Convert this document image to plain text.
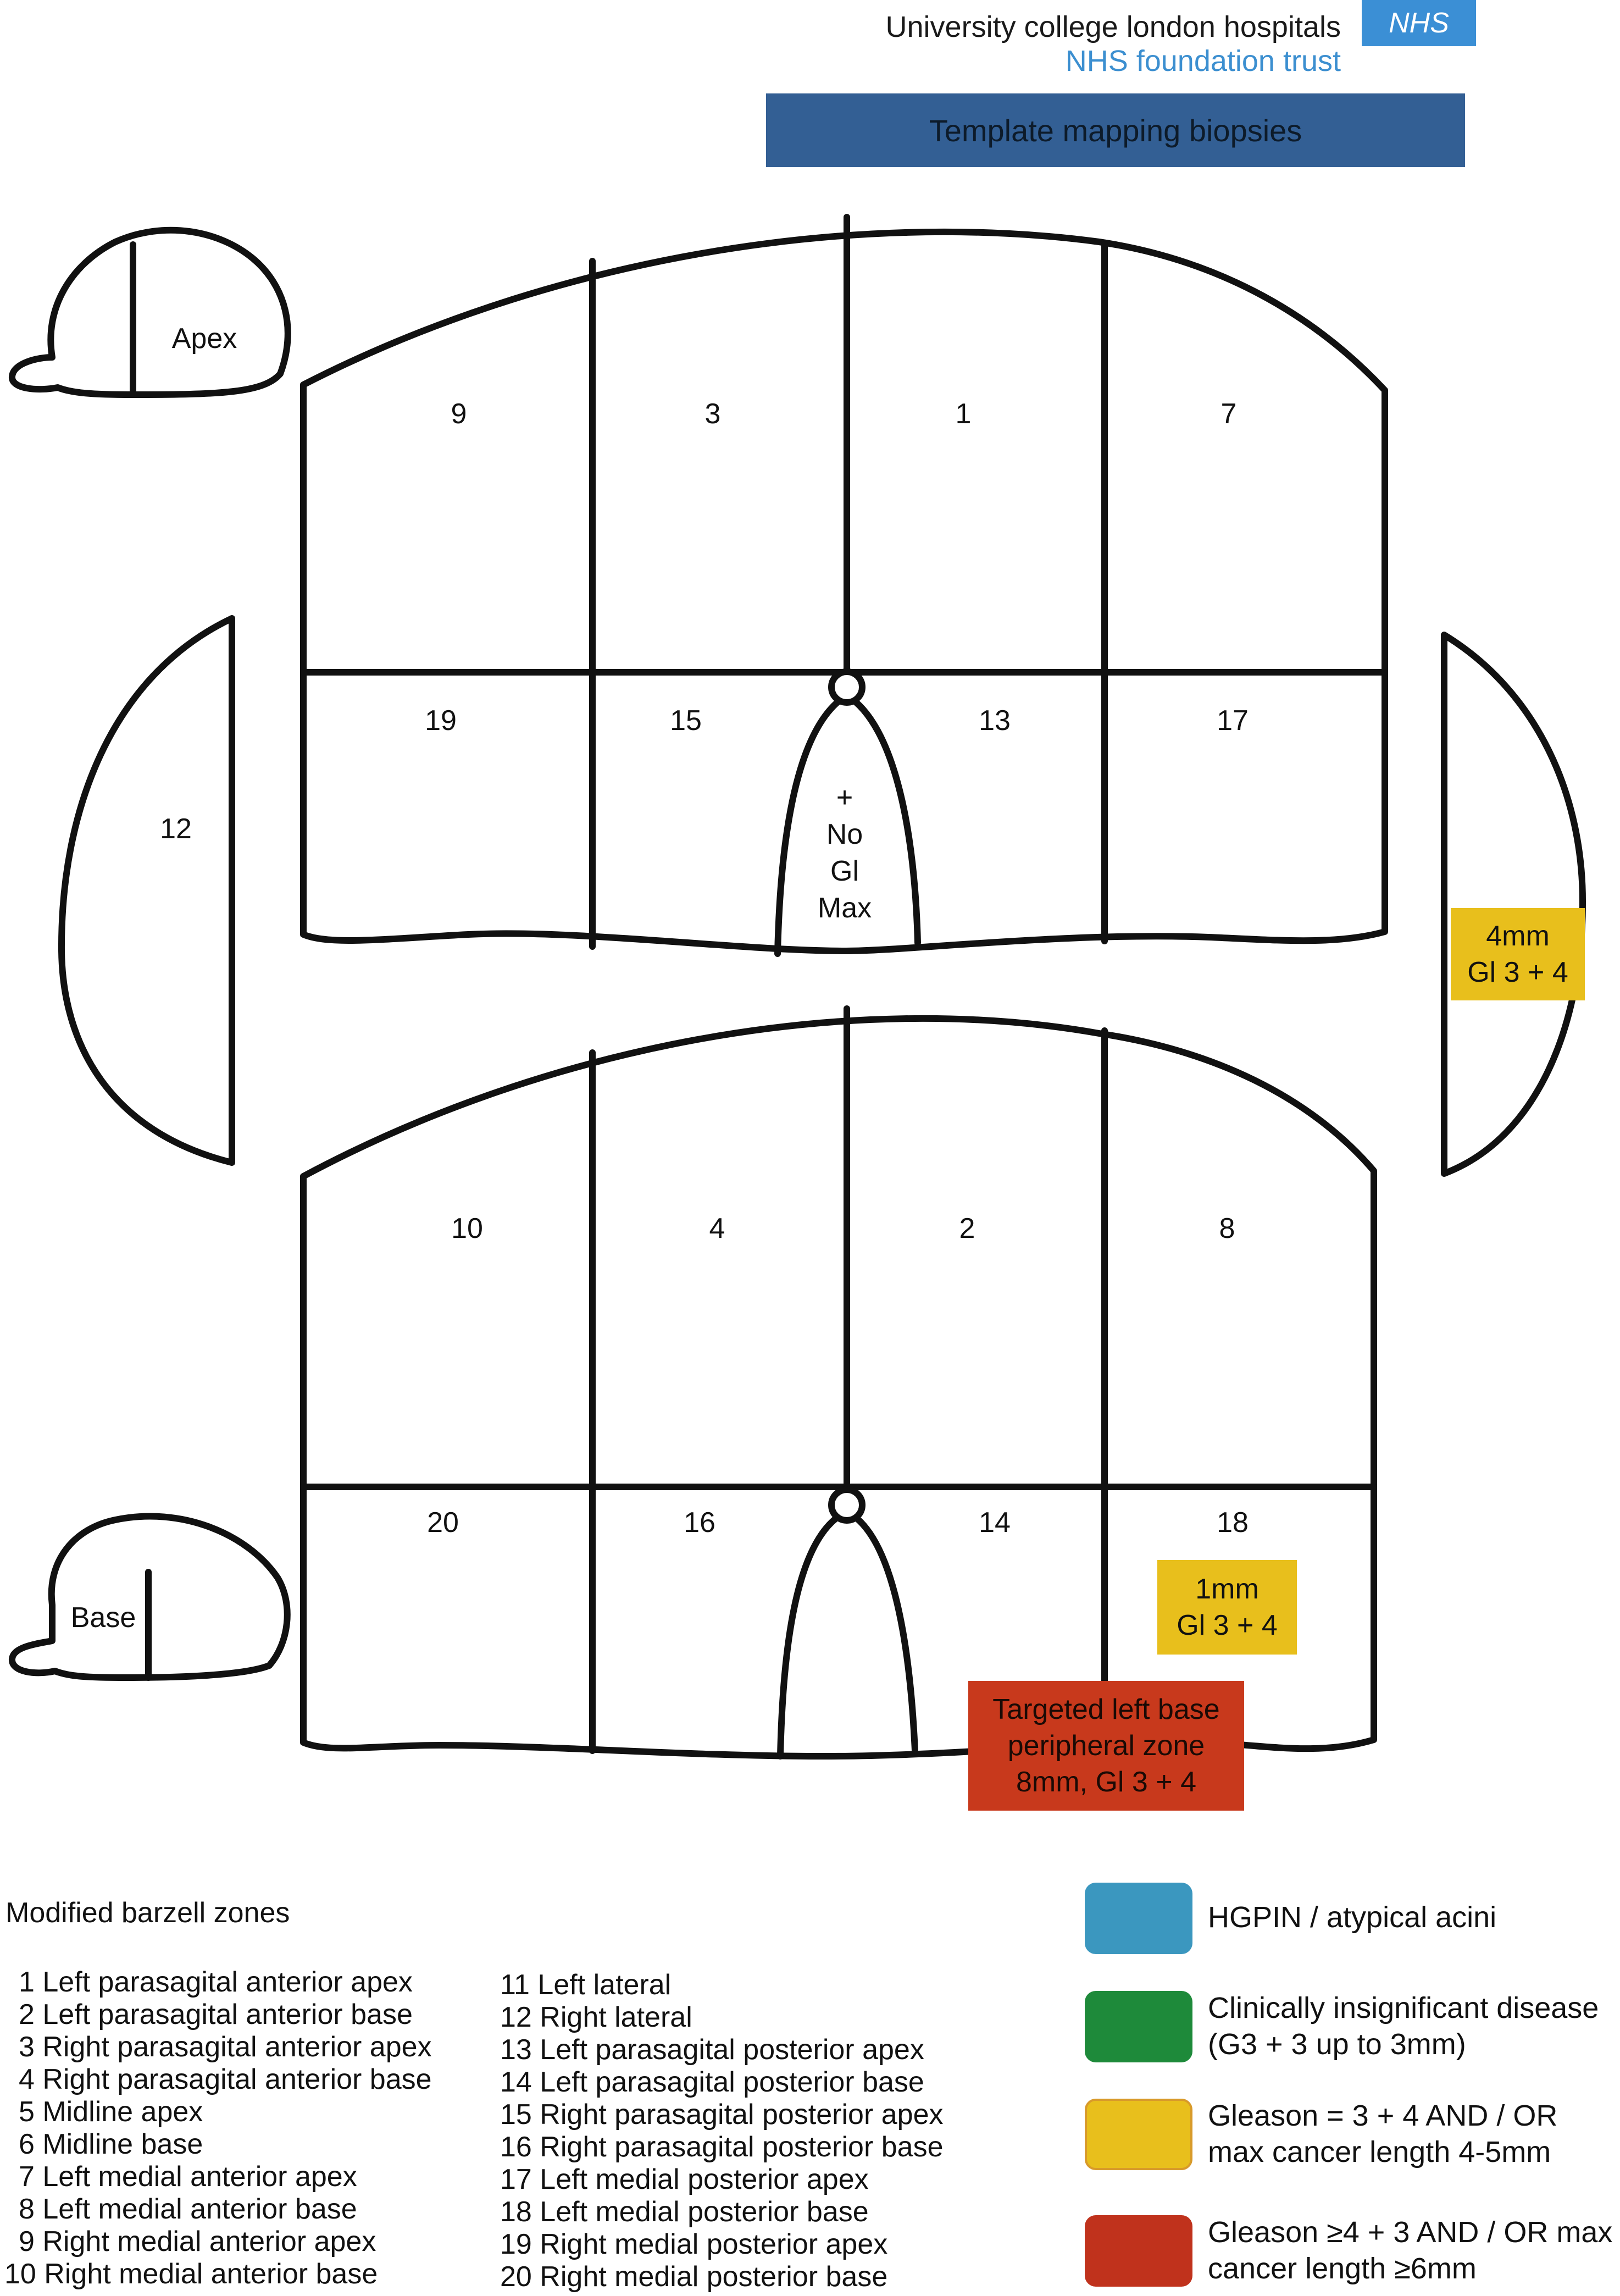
University college london hospitals
NHS foundation trust
NHS
Template mapping biopsies
Apex
Base
12
9	3	1	7
19	15	13	17
+
No
Gl
Max
10	4	2	8
20	16	14	18
4mm
Gl 3 + 4
1mm
Gl 3 + 4
Targeted left base
peripheral zone
8mm, Gl 3 + 4
Modified barzell zones
1 Left parasagital anterior apex
2 Left parasagital anterior base
3 Right parasagital anterior apex
4 Right parasagital anterior base
5 Midline apex
6 Midline base
7 Left medial anterior apex
8 Left medial anterior base
9 Right medial anterior apex
10 Right medial anterior base
11 Left lateral
12 Right lateral
13 Left parasagital posterior apex
14 Left parasagital posterior base
15 Right parasagital posterior apex
16 Right parasagital posterior base
17 Left medial posterior apex
18 Left medial posterior base
19 Right medial posterior apex
20 Right medial posterior base
HGPIN / atypical acini
Clinically insignificant disease (G3 + 3 up to 3mm)
Gleason = 3 + 4 AND / OR max cancer length 4-5mm
Gleason ≥4 + 3 AND / OR max cancer length ≥6mm
